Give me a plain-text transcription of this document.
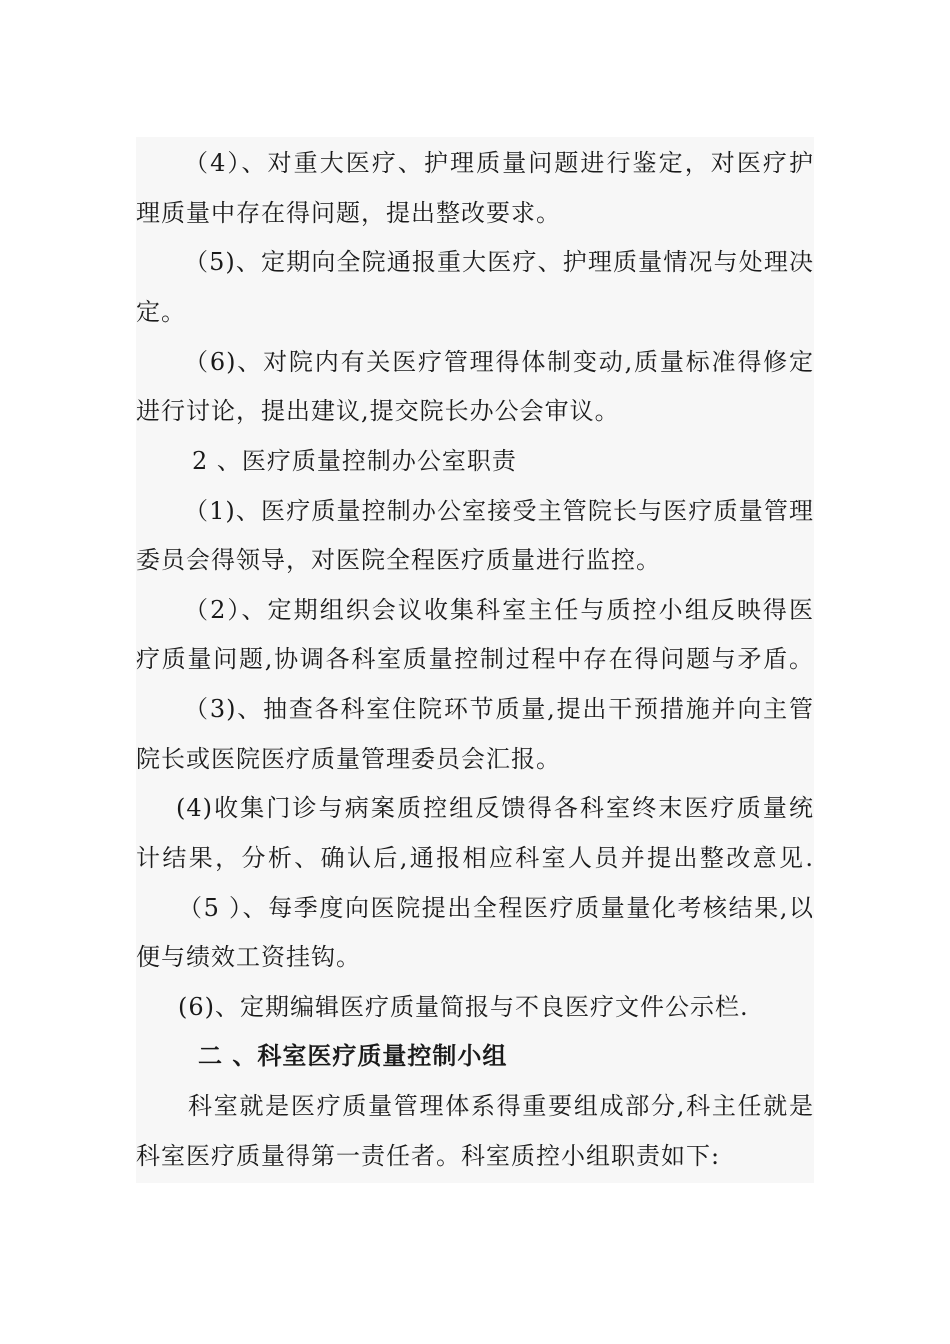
（4）、对重大医疗、护理质量问题进行鉴定，对医疗护
理质量中存在得问题，提出整改要求。
（5)、定期向全院通报重大医疗、护理质量情况与处理决
定。
（6)、对院内有关医疗管理得体制变动,质量标准得修定
进行讨论，提出建议,提交院长办公会审议。
2 、医疗质量控制办公室职责
（1)、医疗质量控制办公室接受主管院长与医疗质量管理
委员会得领导，对医院全程医疗质量进行监控。
（2）、定期组织会议收集科室主任与质控小组反映得医
疗质量问题,协调各科室质量控制过程中存在得问题与矛盾。
（3)、抽查各科室住院环节质量,提出干预措施并向主管
院长或医院医疗质量管理委员会汇报。
(4)收集门诊与病案质控组反馈得各科室终末医疗质量统
计结果，分析、确认后,通报相应科室人员并提出整改意见.
（5 ）、每季度向医院提出全程医疗质量量化考核结果,以
便与绩效工资挂钩。
(6)、定期编辑医疗质量简报与不良医疗文件公示栏.
二 、科室医疗质量控制小组
科室就是医疗质量管理体系得重要组成部分,科主任就是
科室医疗质量得第一责任者。科室质控小组职责如下:
